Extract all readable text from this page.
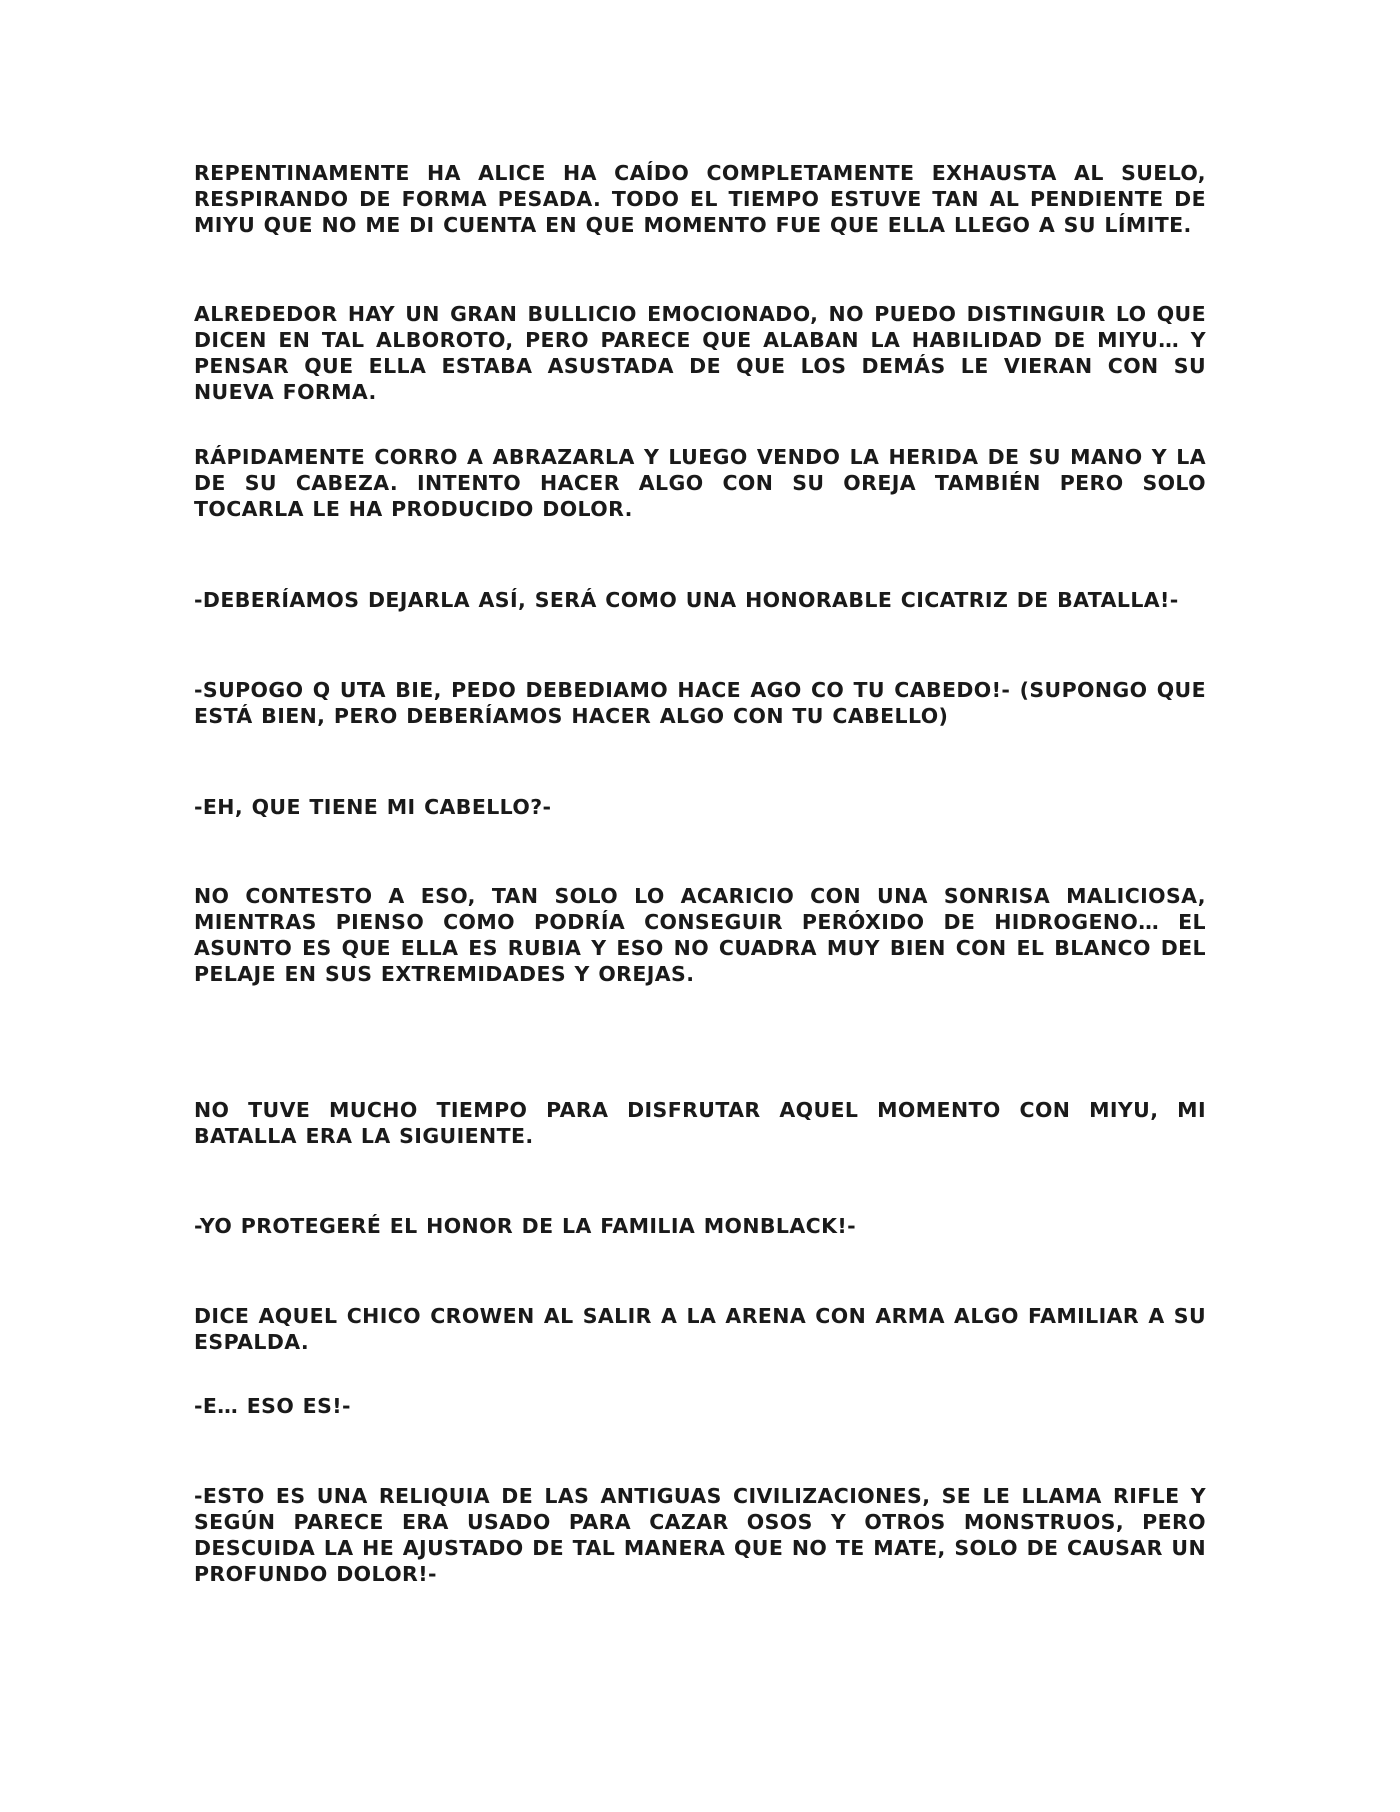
REPENTINAMENTE HA ALICE HA CAÍDO COMPLETAMENTE EXHAUSTA AL SUELO, RESPIRANDO DE FORMA PESADA. TODO EL TIEMPO ESTUVE TAN AL PENDIENTE DE MIYU QUE NO ME DI CUENTA EN QUE MOMENTO FUE QUE ELLA LLEGO A SU LÍMITE.

ALREDEDOR HAY UN GRAN BULLICIO EMOCIONADO, NO PUEDO DISTINGUIR LO QUE DICEN EN TAL ALBOROTO, PERO PARECE QUE ALABAN LA HABILIDAD DE MIYU… Y PENSAR QUE ELLA ESTABA ASUSTADA DE QUE LOS DEMÁS LE VIERAN CON SU NUEVA FORMA.

RÁPIDAMENTE CORRO A ABRAZARLA Y LUEGO VENDO LA HERIDA DE SU MANO Y LA DE SU CABEZA. INTENTO HACER ALGO CON SU OREJA TAMBIÉN PERO SOLO TOCARLA LE HA PRODUCIDO DOLOR.

-DEBERÍAMOS DEJARLA ASÍ, SERÁ COMO UNA HONORABLE CICATRIZ DE BATALLA!-

-SUPOGO Q UTA BIE, PEDO DEBEDIAMO HACE AGO CO TU CABEDO!- (SUPONGO QUE ESTÁ BIEN, PERO DEBERÍAMOS HACER ALGO CON TU CABELLO)

-EH, QUE TIENE MI CABELLO?-

NO CONTESTO A ESO, TAN SOLO LO ACARICIO CON UNA SONRISA MALICIOSA, MIENTRAS PIENSO COMO PODRÍA CONSEGUIR PERÓXIDO DE HIDROGENO… EL ASUNTO ES QUE ELLA ES RUBIA Y ESO NO CUADRA MUY BIEN CON EL BLANCO DEL PELAJE EN SUS EXTREMIDADES Y OREJAS.

NO TUVE MUCHO TIEMPO PARA DISFRUTAR AQUEL MOMENTO CON MIYU, MI BATALLA ERA LA SIGUIENTE.

-YO PROTEGERÉ EL HONOR DE LA FAMILIA MONBLACK!-

DICE AQUEL CHICO CROWEN AL SALIR A LA ARENA CON ARMA ALGO FAMILIAR A SU ESPALDA.

-E… ESO ES!-

-ESTO ES UNA RELIQUIA DE LAS ANTIGUAS CIVILIZACIONES, SE LE LLAMA RIFLE Y SEGÚN PARECE ERA USADO PARA CAZAR OSOS Y OTROS MONSTRUOS, PERO DESCUIDA LA HE AJUSTADO DE TAL MANERA QUE NO TE MATE, SOLO DE CAUSAR UN PROFUNDO DOLOR!-
